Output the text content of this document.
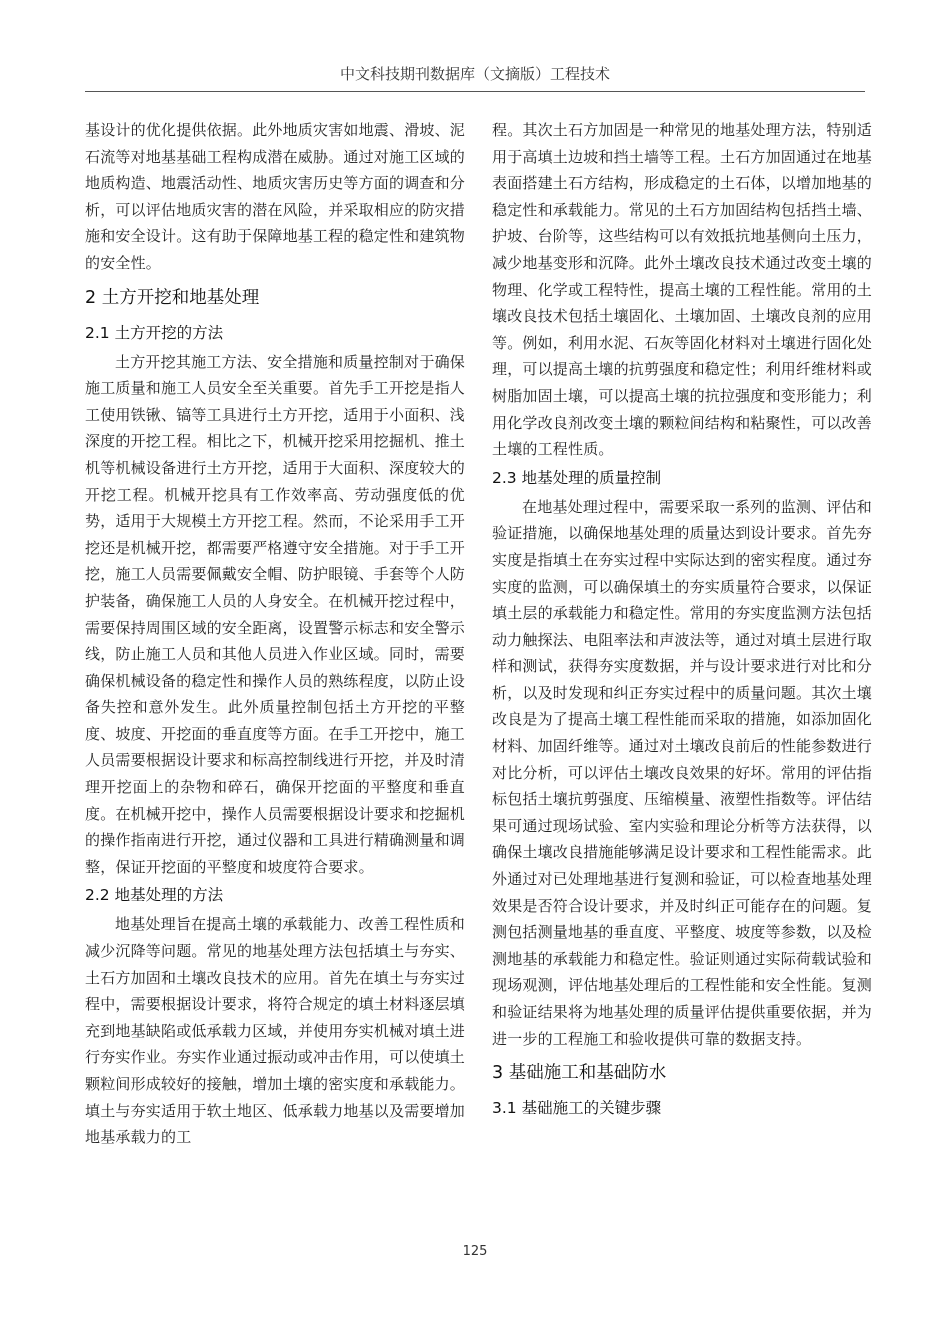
中文科技期刊数据库（文摘版）工程技术

基设计的优化提供依据。此外地质灾害如地震、滑坡、泥石流等对地基基础工程构成潜在威胁。通过对施工区域的地质构造、地震活动性、地质灾害历史等方面的调查和分析，可以评估地质灾害的潜在风险，并采取相应的防灾措施和安全设计。这有助于保障地基工程的稳定性和建筑物的安全性。

2 土方开挖和地基处理
2.1 土方开挖的方法

土方开挖其施工方法、安全措施和质量控制对于确保施工质量和施工人员安全至关重要。首先手工开挖是指人工使用铁锹、镐等工具进行土方开挖，适用于小面积、浅深度的开挖工程。相比之下，机械开挖采用挖掘机、推土机等机械设备进行土方开挖，适用于大面积、深度较大的开挖工程。机械开挖具有工作效率高、劳动强度低的优势，适用于大规模土方开挖工程。然而，不论采用手工开挖还是机械开挖，都需要严格遵守安全措施。对于手工开挖，施工人员需要佩戴安全帽、防护眼镜、手套等个人防护装备，确保施工人员的人身安全。在机械开挖过程中，需要保持周围区域的安全距离，设置警示标志和安全警示线，防止施工人员和其他人员进入作业区域。同时，需要确保机械设备的稳定性和操作人员的熟练程度，以防止设备失控和意外发生。此外质量控制包括土方开挖的平整度、坡度、开挖面的垂直度等方面。在手工开挖中，施工人员需要根据设计要求和标高控制线进行开挖，并及时清理开挖面上的杂物和碎石，确保开挖面的平整度和垂直度。在机械开挖中，操作人员需要根据设计要求和挖掘机的操作指南进行开挖，通过仪器和工具进行精确测量和调整，保证开挖面的平整度和坡度符合要求。

2.2 地基处理的方法

地基处理旨在提高土壤的承载能力、改善工程性质和减少沉降等问题。常见的地基处理方法包括填土与夯实、土石方加固和土壤改良技术的应用。首先在填土与夯实过程中，需要根据设计要求，将符合规定的填土材料逐层填充到地基缺陷或低承载力区域，并使用夯实机械对填土进行夯实作业。夯实作业通过振动或冲击作用，可以使填土颗粒间形成较好的接触，增加土壤的密实度和承载能力。填土与夯实适用于软土地区、低承载力地基以及需要增加地基承载力的工

程。其次土石方加固是一种常见的地基处理方法，特别适用于高填土边坡和挡土墙等工程。土石方加固通过在地基表面搭建土石方结构，形成稳定的土石体，以增加地基的稳定性和承载能力。常见的土石方加固结构包括挡土墙、护坡、台阶等，这些结构可以有效抵抗地基侧向土压力，减少地基变形和沉降。此外土壤改良技术通过改变土壤的物理、化学或工程特性，提高土壤的工程性能。常用的土壤改良技术包括土壤固化、土壤加固、土壤改良剂的应用等。例如，利用水泥、石灰等固化材料对土壤进行固化处理，可以提高土壤的抗剪强度和稳定性；利用纤维材料或树脂加固土壤，可以提高土壤的抗拉强度和变形能力；利用化学改良剂改变土壤的颗粒间结构和粘聚性，可以改善土壤的工程性质。

2.3 地基处理的质量控制

在地基处理过程中，需要采取一系列的监测、评估和验证措施，以确保地基处理的质量达到设计要求。首先夯实度是指填土在夯实过程中实际达到的密实程度。通过夯实度的监测，可以确保填土的夯实质量符合要求，以保证填土层的承载能力和稳定性。常用的夯实度监测方法包括动力触探法、电阻率法和声波法等，通过对填土层进行取样和测试，获得夯实度数据，并与设计要求进行对比和分析，以及时发现和纠正夯实过程中的质量问题。其次土壤改良是为了提高土壤工程性能而采取的措施，如添加固化材料、加固纤维等。通过对土壤改良前后的性能参数进行对比分析，可以评估土壤改良效果的好坏。常用的评估指标包括土壤抗剪强度、压缩模量、液塑性指数等。评估结果可通过现场试验、室内实验和理论分析等方法获得，以确保土壤改良措施能够满足设计要求和工程性能需求。此外通过对已处理地基进行复测和验证，可以检查地基处理效果是否符合设计要求，并及时纠正可能存在的问题。复测包括测量地基的垂直度、平整度、坡度等参数，以及检测地基的承载能力和稳定性。验证则通过实际荷载试验和现场观测，评估地基处理后的工程性能和安全性能。复测和验证结果将为地基处理的质量评估提供重要依据，并为进一步的工程施工和验收提供可靠的数据支持。

3 基础施工和基础防水
3.1 基础施工的关键步骤
125
